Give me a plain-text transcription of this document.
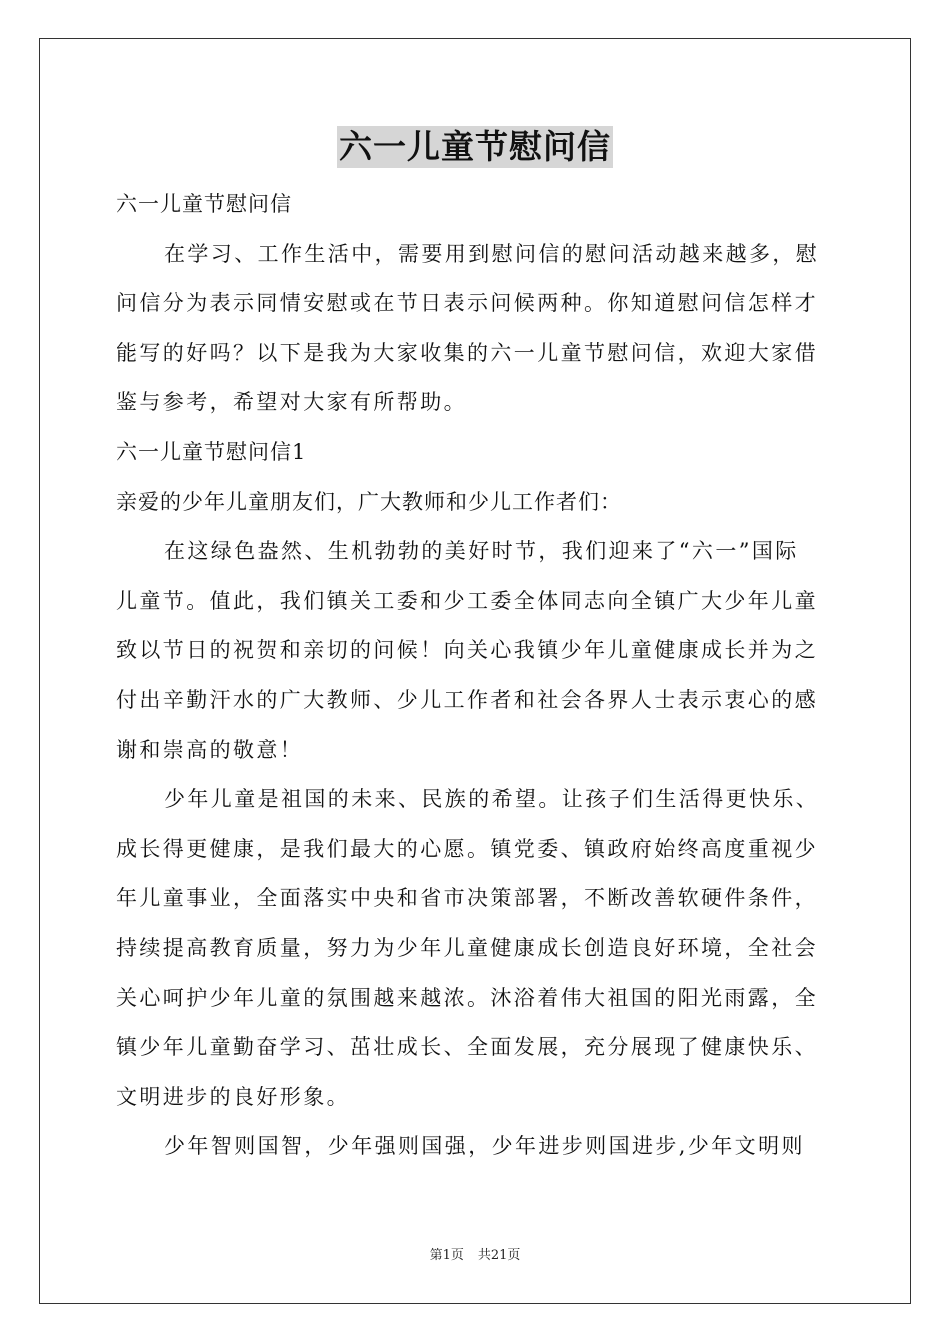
六一儿童节慰问信
六一儿童节慰问信
在学习、工作生活中，需要用到慰问信的慰问活动越来越多，慰
问信分为表示同情安慰或在节日表示问候两种。你知道慰问信怎样才
能写的好吗？以下是我为大家收集的六一儿童节慰问信，欢迎大家借
鉴与参考，希望对大家有所帮助。
六一儿童节慰问信1
亲爱的少年儿童朋友们，广大教师和少儿工作者们：
在这绿色盎然、生机勃勃的美好时节，我们迎来了“六一”国际
儿童节。值此，我们镇关工委和少工委全体同志向全镇广大少年儿童
致以节日的祝贺和亲切的问候！向关心我镇少年儿童健康成长并为之
付出辛勤汗水的广大教师、少儿工作者和社会各界人士表示衷心的感
谢和崇高的敬意！
少年儿童是祖国的未来、民族的希望。让孩子们生活得更快乐、
成长得更健康，是我们最大的心愿。镇党委、镇政府始终高度重视少
年儿童事业，全面落实中央和省市决策部署，不断改善软硬件条件，
持续提高教育质量，努力为少年儿童健康成长创造良好环境，全社会
关心呵护少年儿童的氛围越来越浓。沐浴着伟大祖国的阳光雨露，全
镇少年儿童勤奋学习、茁壮成长、全面发展，充分展现了健康快乐、
文明进步的良好形象。
少年智则国智，少年强则国强，少年进步则国进步,少年文明则
第1页 共21页
